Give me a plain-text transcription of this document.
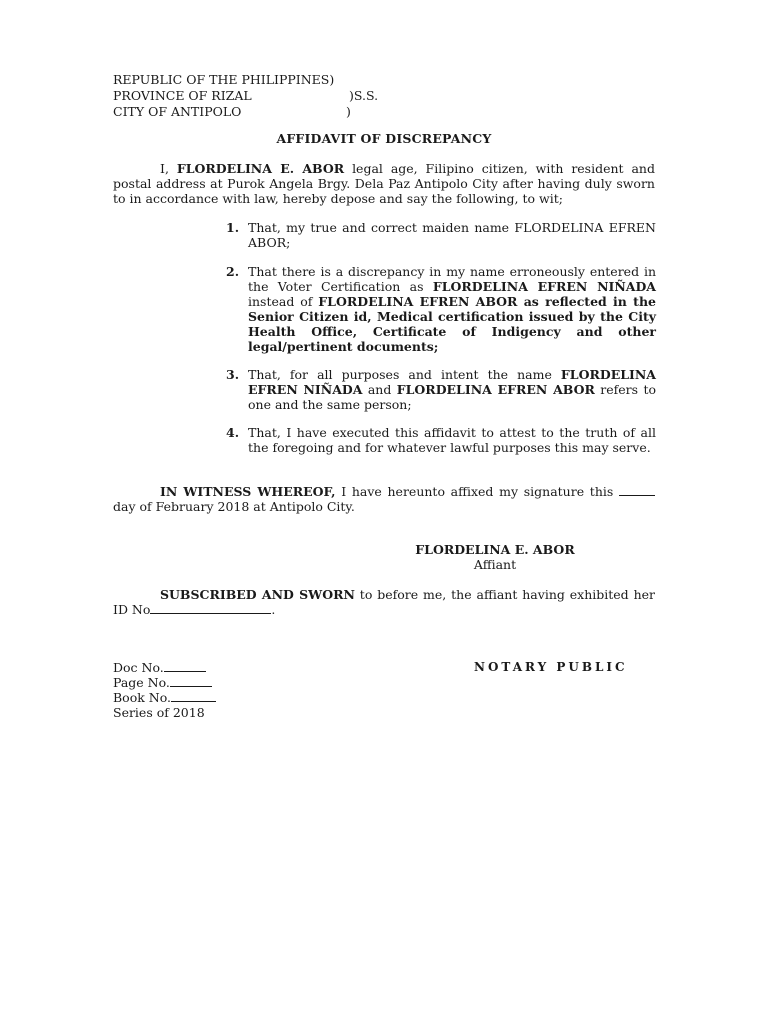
REPUBLIC OF THE PHILIPPINES)
PROVINCE OF RIZAL	)S.S.
CITY OF ANTIPOLO	)
AFFIDAVIT OF DISCREPANCY
I, FLORDELINA E. ABOR legal age, Filipino citizen, with resident and postal address at Purok Angela Brgy. Dela Paz Antipolo City after having duly sworn to in accordance with law, hereby depose and say the following, to wit;
1. That, my true and correct maiden name FLORDELINA EFREN ABOR;
2. That there is a discrepancy in my name erroneously entered in the Voter Certification as FLORDELINA EFREN NIÑADA instead of FLORDELINA EFREN ABOR as reflected in the Senior Citizen id, Medical certification issued by the City Health Office, Certificate of Indigency and other legal/pertinent documents;
3. That, for all purposes and intent the name FLORDELINA EFREN NIÑADA and FLORDELINA EFREN ABOR refers to one and the same person;
4. That, I have executed this affidavit to attest to the truth of all the foregoing and for whatever lawful purposes this may serve.
IN WITNESS WHEREOF, I have hereunto affixed my signature this day of February 2018 at Antipolo City.
FLORDELINA E. ABOR
Affiant
SUBSCRIBED AND SWORN to before me, the affiant having exhibited her ID No	.
Doc No.
Page No.
Book No.
Series of 2018
NOTARY PUBLIC
